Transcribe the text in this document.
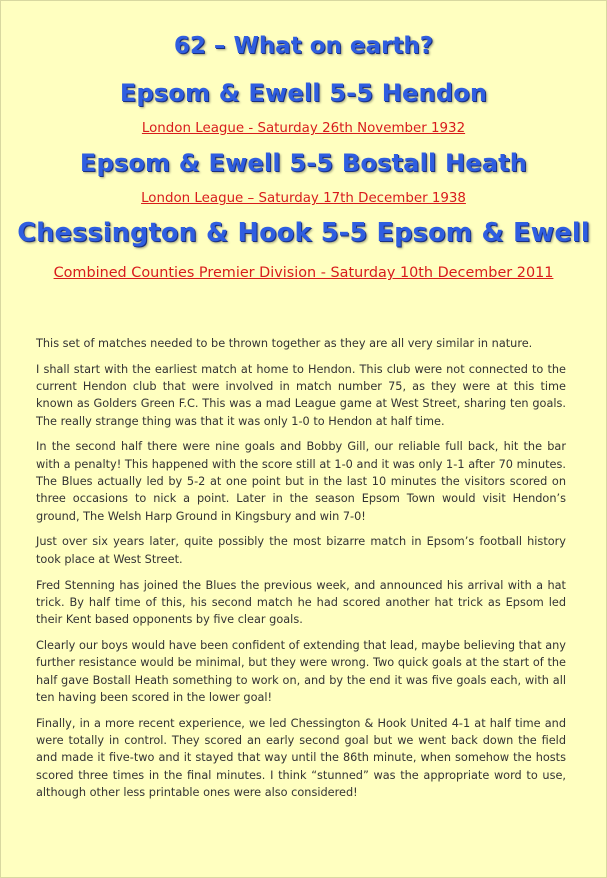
62 – What on earth?
Epsom & Ewell 5-5 Hendon

London League - Saturday 26th November 1932

Epsom & Ewell 5-5 Bostall Heath

London League – Saturday 17th December 1938

Chessington & Hook 5-5 Epsom & Ewell

Combined Counties Premier Division - Saturday 10th December 2011

This set of matches needed to be thrown together as they are all very similar in nature.

I shall start with the earliest match at home to Hendon. This club were not connected to the current Hendon club that were involved in match number 75, as they were at this time known as Golders Green F.C. This was a mad League game at West Street, sharing ten goals. The really strange thing was that it was only 1-0 to Hendon at half time.

In the second half there were nine goals and Bobby Gill, our reliable full back, hit the bar with a penalty! This happened with the score still at 1-0 and it was only 1-1 after 70 minutes. The Blues actually led by 5-2 at one point but in the last 10 minutes the visitors scored on three occasions to nick a point. Later in the season Epsom Town would visit Hendon’s ground, The Welsh Harp Ground in Kingsbury and win 7-0!

Just over six years later, quite possibly the most bizarre match in Epsom’s football history took place at West Street.

Fred Stenning has joined the Blues the previous week, and announced his arrival with a hat trick. By half time of this, his second match he had scored another hat trick as Epsom led their Kent based opponents by five clear goals.

Clearly our boys would have been confident of extending that lead, maybe believing that any further resistance would be minimal, but they were wrong. Two quick goals at the start of the half gave Bostall Heath something to work on, and by the end it was five goals each, with all ten having been scored in the lower goal!

Finally, in a more recent experience, we led Chessington & Hook United 4-1 at half time and were totally in control. They scored an early second goal but we went back down the field and made it five-two and it stayed that way until the 86th minute, when somehow the hosts scored three times in the final minutes. I think “stunned” was the appropriate word to use, although other less printable ones were also considered!
